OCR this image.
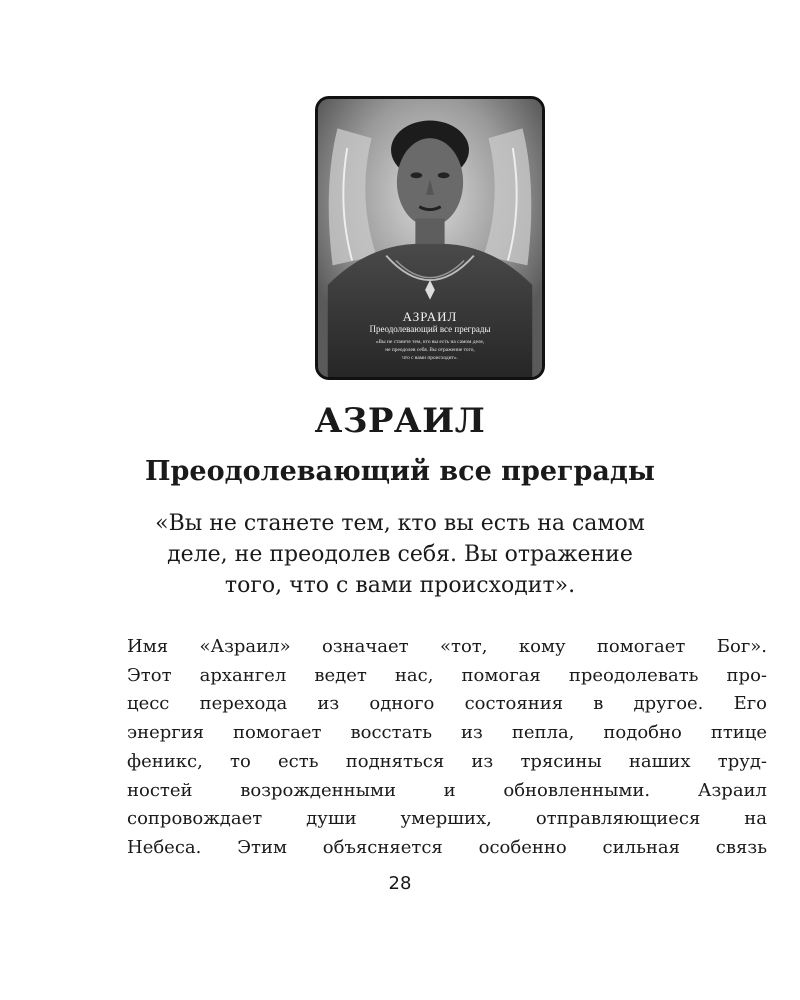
АЗРАИЛ
Преодолевающий все преграды
«Вы не станете тем, кто вы есть на самом деле,
не преодолев себя. Вы отражение того,
что с вами происходит».
АЗРАИЛ
Преодолевающий все преграды

«Вы не станете тем, кто вы есть на самом
деле, не преодолев себя. Вы отражение
того, что с вами происходит».

Имя «Азраил» означает «тот, кому помогает Бог».
Этот архангел ведет нас, помогая преодолевать про-
цесс перехода из одного состояния в другое. Его
энергия помогает восстать из пепла, подобно птице
феникс, то есть подняться из трясины наших труд-
ностей возрожденными и обновленными. Азраил
сопровождает души умерших, отправляющиеся на
Небеса. Этим объясняется особенно сильная связь

28
